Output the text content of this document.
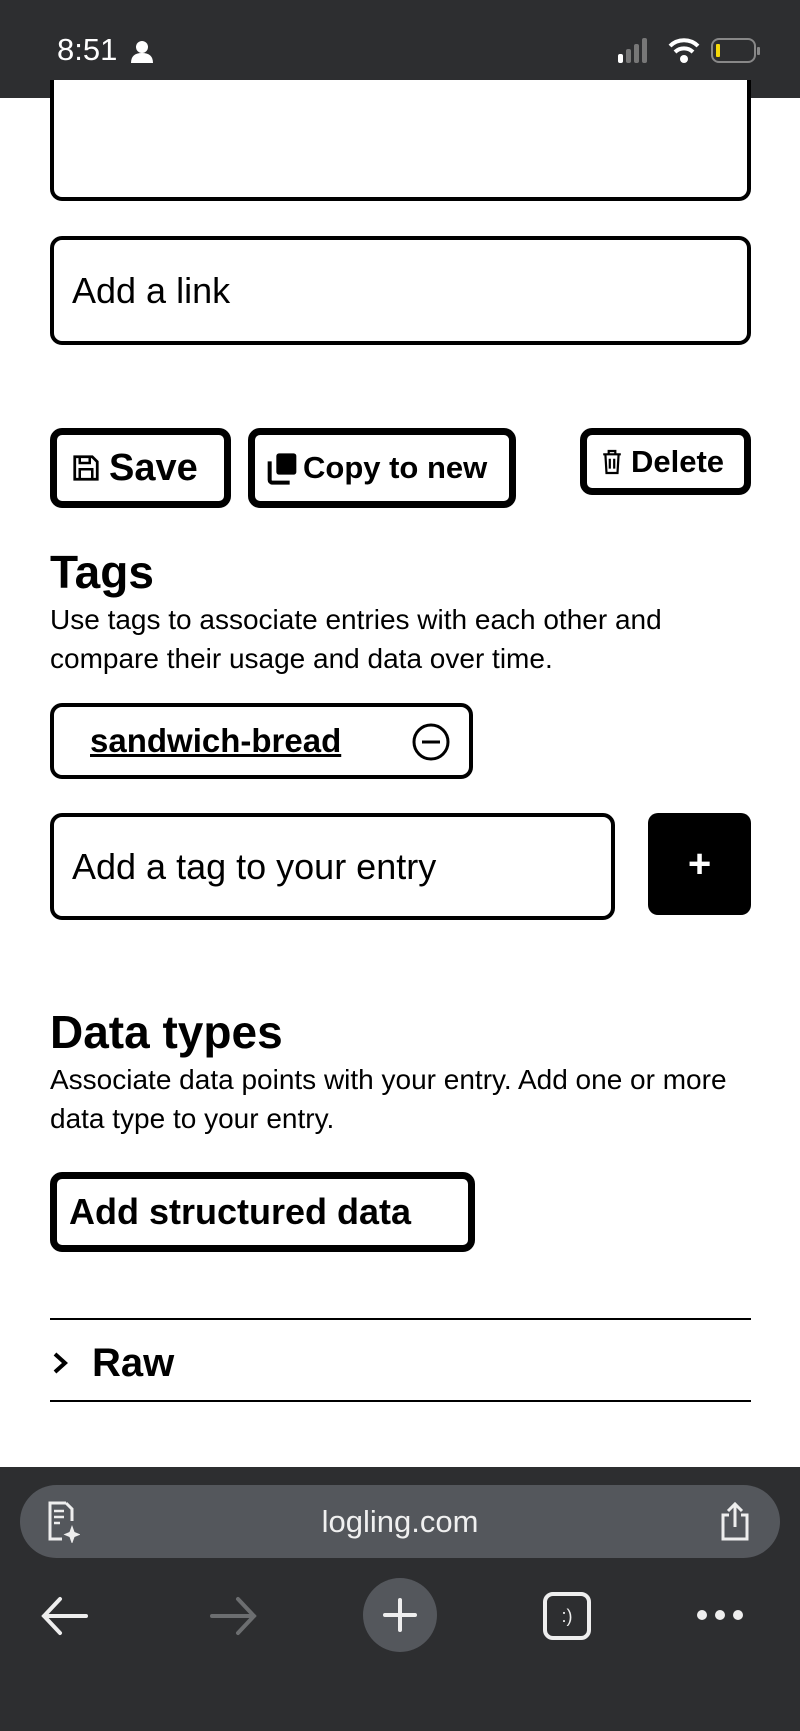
8:51
Add a link
Save	Copy to new	Delete
Tags
Use tags to associate entries with each other and compare their usage and data over time.
sandwich-bread
Add a tag to your entry	+
Data types
Associate data points with your entry. Add one or more data type to your entry.
Add structured data
Raw
logling.com
:)
